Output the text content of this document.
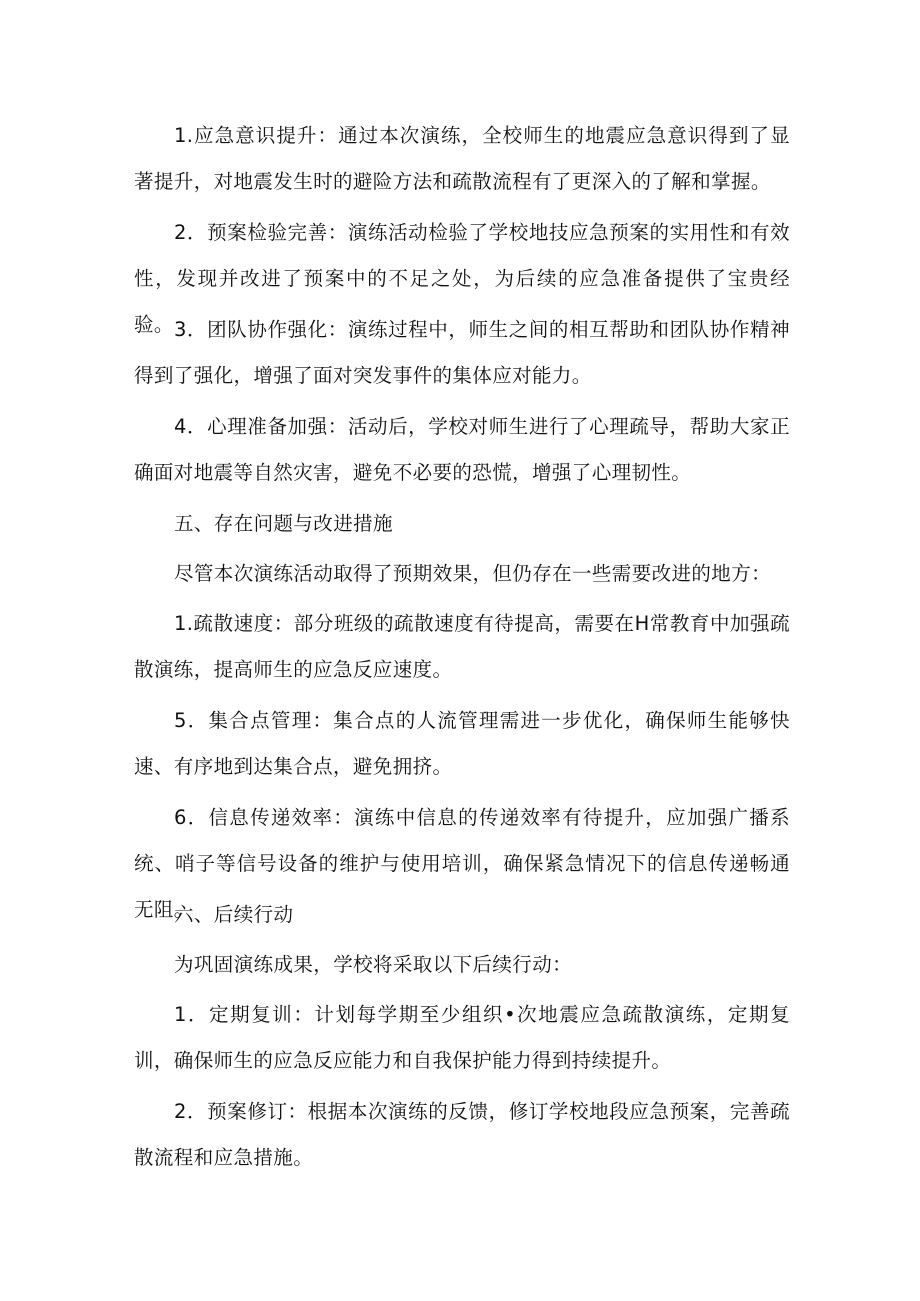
1.应急意识提升：通过本次演练，全校师生的地震应急意识得到了显著提升，对地震发生时的避险方法和疏散流程有了更深入的了解和掌握。

2．预案检验完善：演练活动检验了学校地技应急预案的实用性和有效性，发现并改进了预案中的不足之处，为后续的应急准备提供了宝贵经验。 3．团队协作强化：演练过程中，师生之间的相互帮助和团队协作精神得到了强化，增强了面对突发事件的集体应对能力。

4．心理准备加强：活动后，学校对师生进行了心理疏导，帮助大家正确面对地震等自然灾害，避免不必要的恐慌，增强了心理韧性。

五、存在问题与改进措施

尽管本次演练活动取得了预期效果，但仍存在一些需要改进的地方：

1.疏散速度：部分班级的疏散速度有待提高，需要在H常教育中加强疏散演练，提高师生的应急反应速度。

5．集合点管理：集合点的人流管理需进一步优化，确保师生能够快速、有序地到达集合点，避免拥挤。

6．信息传递效率：演练中信息的传递效率有待提升，应加强广播系统、哨子等信号设备的维护与使用培训，确保紧急情况下的信息传递畅通无阻。

六、后续行动

为巩固演练成果，学校将采取以下后续行动：

1．定期复训：计划每学期至少组织•次地震应急疏散演练，定期复训，确保师生的应急反应能力和自我保护能力得到持续提升。

2．预案修订：根据本次演练的反馈，修订学校地段应急预案，完善疏散流程和应急措施。
